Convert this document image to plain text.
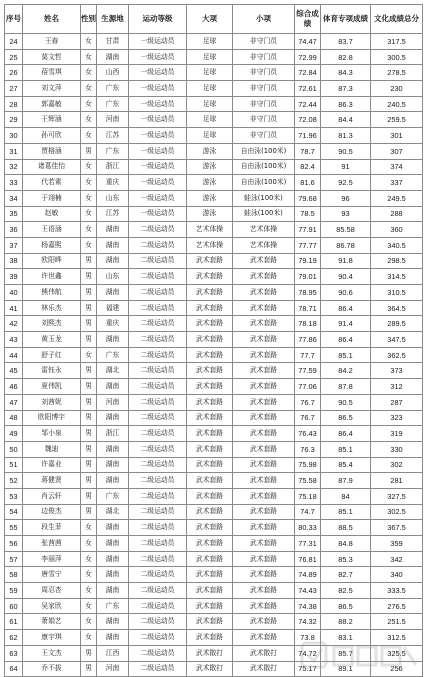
序号	姓名	性别	生源地	运动等级	大项	小项	综合成绩	体育专项成绩	文化成绩总分
24	王春	女	甘肃	一级运动员	足球	非守门员	74.47	83.7	317.5
25	莫文哲	女	湖南	一级运动员	足球	非守门员	72.99	82.8	300.5
26	蓓雪琪	女	山西	一级运动员	足球	非守门员	72.84	84.3	278.5
27	刘文萍	女	广东	一级运动员	足球	非守门员	72.61	87.3	230
28	郭嘉敏	女	广东	一级运动员	足球	非守门员	72.44	86.3	240.5
29	王辉涵	女	河南	一级运动员	足球	非守门员	72.08	84.4	259.5
30	孙可欣	女	江苏	一级运动员	足球	非守门员	71.96	81.3	301
31	贾格涵	男	广东	一级运动员	游泳	自由泳(100米)	78.7	90.5	307
32	诸葛佳怡	女	浙江	一级运动员	游泳	自由泳(100米)	82.4	91	374
33	代若素	女	重庆	一级运动员	游泳	自由泳(100米)	81.6	92.5	337
34	于翊楠	女	山东	一级运动员	游泳	蛙泳(100米)	79.68	96	249.5
35	赵敏	女	江苏	一级运动员	游泳	蛙泳(100米)	78.5	93	288
36	王语涵	女	湖南	二级运动员	艺术体操	艺术体操	77.91	85.58	360
37	杨嘉煕	女	湖南	二级运动员	艺术体操	艺术体操	77.77	86.78	340.5
38	欧阳晔	男	湖南	二级运动员	武术套路	武术套路	79.19	91.8	298.5
39	许世鑫	男	山东	二级运动员	武术套路	武术套路	79.01	90.4	314.5
40	熊伟航	男	湖南	二级运动员	武术套路	武术套路	78.95	90.6	310.5
41	林乐杰	男	福建	二级运动员	武术套路	武术套路	78.71	86.4	364.5
42	刘熙杰	男	重庆	二级运动员	武术套路	武术套路	78.18	91.4	289.5
43	黄玉龙	男	湖南	二级运动员	武术套路	武术套路	77.86	86.4	347.5
44	舒子红	女	广东	二级运动员	武术套路	武术套路	77.7	85.1	362.5
45	雷钰永	男	湖北	二级运动员	武术套路	武术套路	77.59	84.2	373
46	夏伟凯	男	湖南	二级运动员	武术套路	武术套路	77.06	87.8	312
47	刘茜妮	男	河南	二级运动员	武术套路	武术套路	76.7	90.5	287
48	欧阳博宇	男	湖南	二级运动员	武术套路	武术套路	76.7	86.5	323
49	邹小泉	男	浙江	二级运动员	武术套路	武术套路	76.43	86.4	319
50	魏迪	男	湖南	二级运动员	武术套路	武术套路	76.3	85.1	330
51	许嘉业	男	湖南	二级运动员	武术套路	武术套路	75.98	85.4	302
52	蒋健贤	男	湖南	二级运动员	武术套路	武术套路	75.58	87.9	281
53	肖云轩	男	广东	二级运动员	武术套路	武术套路	75.18	84	327.5
54	边俊杰	男	湖北	二级运动员	武术套路	武术套路	74.7	85.1	302.5
55	段生菲	女	湖南	二级运动员	武术套路	武术套路	80.33	88.5	367.5
56	张茜茜	女	湖南	二级运动员	武术套路	武术套路	77.31	84.8	359
57	李丽萍	女	湖南	二级运动员	武术套路	武术套路	76.81	85.3	342
58	唐雪宁	女	湖南	二级运动员	武术套路	武术套路	74.89	82.7	340
59	周忍杏	女	湖南	二级运动员	武术套路	武术套路	74.43	82.5	333.5
60	吴家欣	女	广东	二级运动员	武术套路	武术套路	74.38	86.5	276.5
61	萧娟艺	女	湖南	二级运动员	武术套路	武术套路	74.32	88.2	251.5
62	康宇琪	女	湖南	二级运动员	武术套路	武术套路	73.8	83.1	312.5
63	王文杰	男	江西	二级运动员	武术散打	武术散打	74.72	85.7	325.5
64	乔不拔	男	河南	二级运动员	武术散打	武术散打	75.17	89.1	256
